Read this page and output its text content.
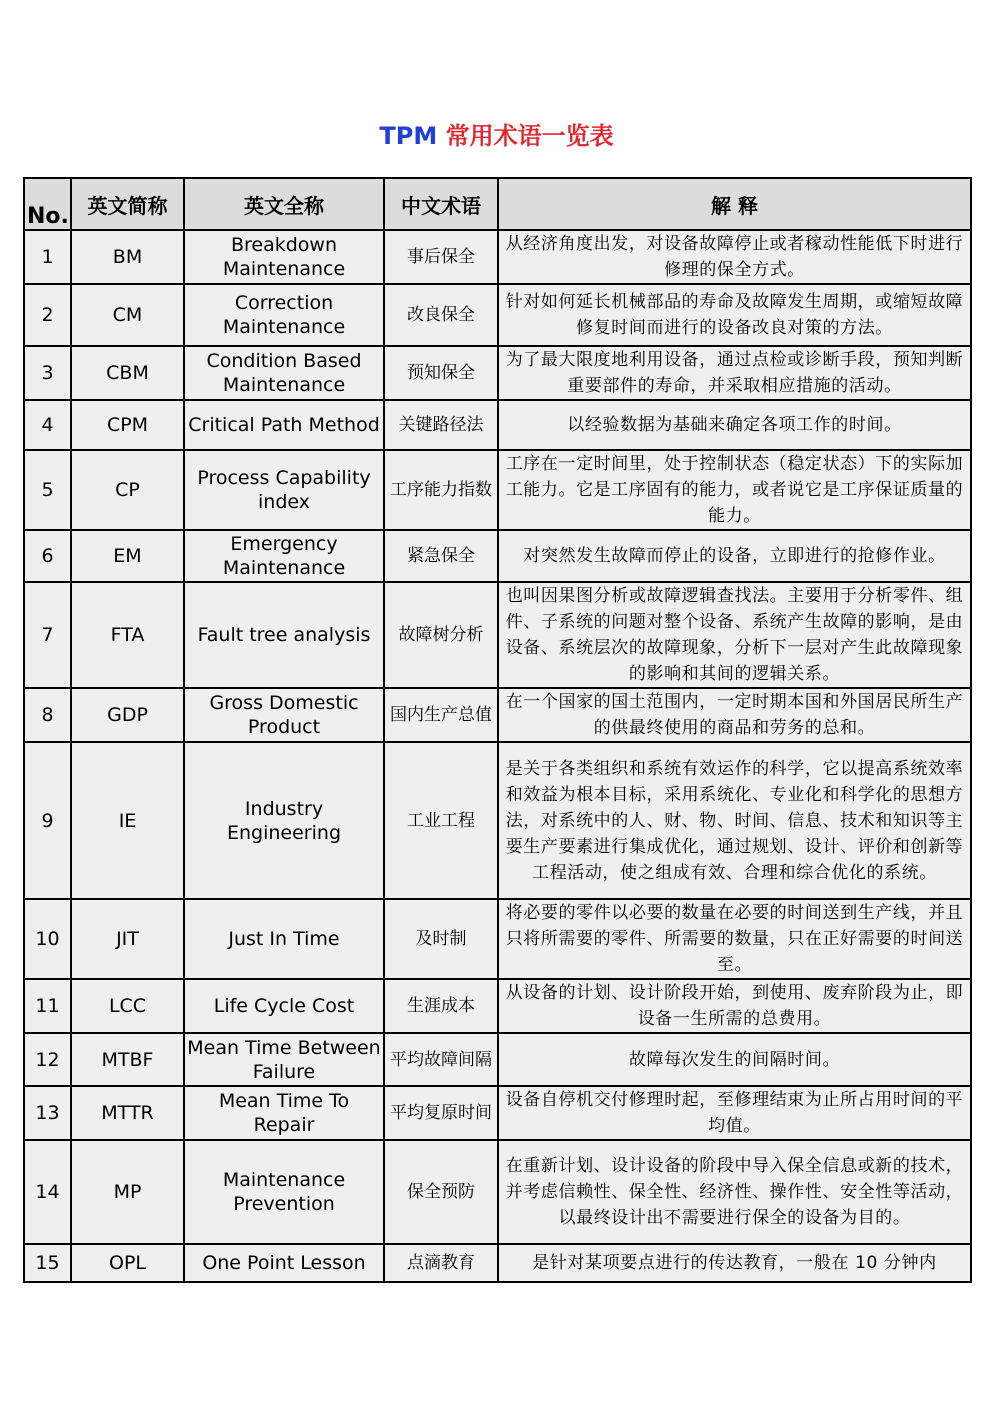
TPM 常用术语一览表
No.	英文简称	英文全称	中文术语	解 释
1	BM	Breakdown Maintenance	事后保全	从经济角度出发，对设备故障停止或者稼动性能低下时进行修理的保全方式。
2	CM	Correction Maintenance	改良保全	针对如何延长机械部品的寿命及故障发生周期，或缩短故障修复时间而进行的设备改良对策的方法。
3	CBM	Condition Based Maintenance	预知保全	为了最大限度地利用设备，通过点检或诊断手段，预知判断重要部件的寿命，并采取相应措施的活动。
4	CPM	Critical Path Method	关键路径法	以经验数据为基础来确定各项工作的时间。
5	CP	Process Capability index	工序能力指数	工序在一定时间里，处于控制状态（稳定状态）下的实际加工能力。它是工序固有的能力，或者说它是工序保证质量的能力。
6	EM	Emergency Maintenance	紧急保全	对突然发生故障而停止的设备，立即进行的抢修作业。
7	FTA	Fault tree analysis	故障树分析	也叫因果图分析或故障逻辑查找法。主要用于分析零件、组件、子系统的问题对整个设备、系统产生故障的影响，是由设备、系统层次的故障现象，分析下一层对产生此故障现象的影响和其间的逻辑关系。
8	GDP	Gross Domestic Product	国内生产总值	在一个国家的国土范围内，一定时期本国和外国居民所生产的供最终使用的商品和劳务的总和。
9	IE	Industry Engineering	工业工程	是关于各类组织和系统有效运作的科学，它以提高系统效率和效益为根本目标，采用系统化、专业化和科学化的思想方法，对系统中的人、财、物、时间、信息、技术和知识等主要生产要素进行集成优化，通过规划、设计、评价和创新等工程活动，使之组成有效、合理和综合优化的系统。
10	JIT	Just In Time	及时制	将必要的零件以必要的数量在必要的时间送到生产线，并且只将所需要的零件、所需要的数量，只在正好需要的时间送至。
11	LCC	Life Cycle Cost	生涯成本	从设备的计划、设计阶段开始，到使用、废弃阶段为止，即设备一生所需的总费用。
12	MTBF	Mean Time Between Failure	平均故障间隔	故障每次发生的间隔时间。
13	MTTR	Mean Time To Repair	平均复原时间	设备自停机交付修理时起，至修理结束为止所占用时间的平均值。
14	MP	Maintenance Prevention	保全预防	在重新计划、设计设备的阶段中导入保全信息或新的技术，并考虑信赖性、保全性、经济性、操作性、安全性等活动，以最终设计出不需要进行保全的设备为目的。
15	OPL	One Point Lesson	点滴教育	是针对某项要点进行的传达教育，一般在 10 分钟内
